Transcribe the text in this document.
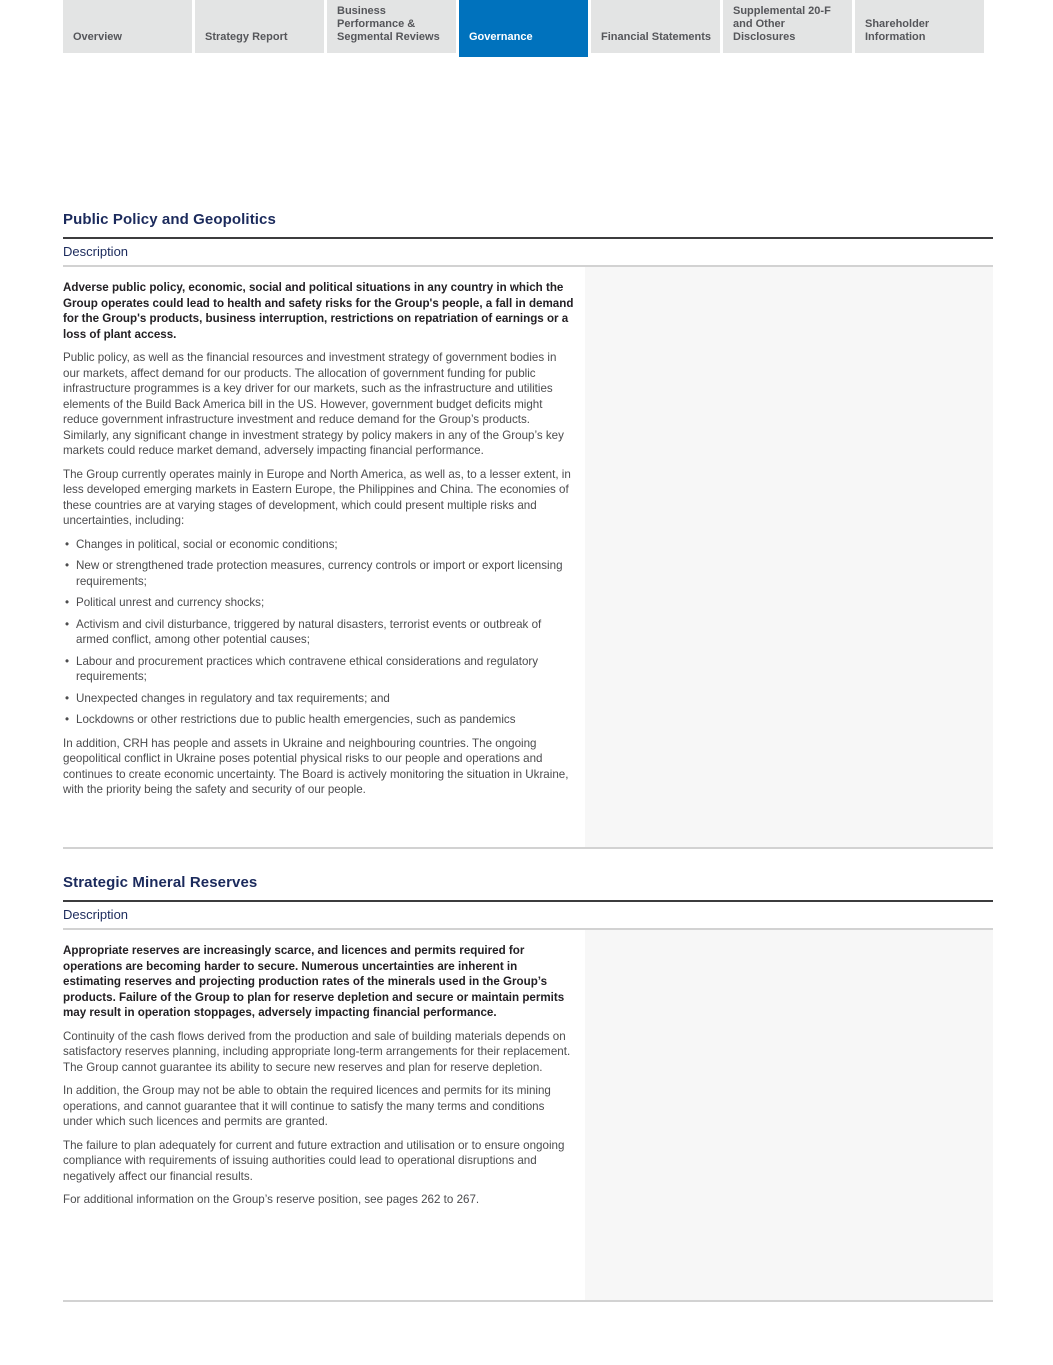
Overview	Strategy Report
Business Performance & Segmental Reviews	Governance	Financial Statements
Supplemental 20-F and Other Disclosures
Shareholder Information
Public Policy and Geopolitics
Description

Adverse public policy, economic, social and political situations in any country in which the Group operates could lead to health and safety risks for the Group's people, a fall in demand for the Group's products, business interruption, restrictions on repatriation of earnings or a loss of plant access.

Public policy, as well as the financial resources and investment strategy of government bodies in our markets, affect demand for our products. The allocation of government funding for public infrastructure programmes is a key driver for our markets, such as the infrastructure and utilities elements of the Build Back America bill in the US. However, government budget deficits might reduce government infrastructure investment and reduce demand for the Group’s products. Similarly, any significant change in investment strategy by policy makers in any of the Group’s key markets could reduce market demand, adversely impacting financial performance.

The Group currently operates mainly in Europe and North America, as well as, to a lesser extent, in less developed emerging markets in Eastern Europe, the Philippines and China. The economies of these countries are at varying stages of development, which could present multiple risks and uncertainties, including:

• Changes in political, social or economic conditions;
• New or strengthened trade protection measures, currency controls or import or export licensing requirements;
• Political unrest and currency shocks;
• Activism and civil disturbance, triggered by natural disasters, terrorist events or outbreak of armed conflict, among other potential causes;
• Labour and procurement practices which contravene ethical considerations and regulatory requirements;
• Unexpected changes in regulatory and tax requirements; and
• Lockdowns or other restrictions due to public health emergencies, such as pandemics

In addition, CRH has people and assets in Ukraine and neighbouring countries. The ongoing geopolitical conflict in Ukraine poses potential physical risks to our people and operations and continues to create economic uncertainty. The Board is actively monitoring the situation in Ukraine, with the priority being the safety and security of our people.

Strategic Mineral Reserves
Description

Appropriate reserves are increasingly scarce, and licences and permits required for operations are becoming harder to secure. Numerous uncertainties are inherent in estimating reserves and projecting production rates of the minerals used in the Group’s products. Failure of the Group to plan for reserve depletion and secure or maintain permits may result in operation stoppages, adversely impacting financial performance.

Continuity of the cash flows derived from the production and sale of building materials depends on satisfactory reserves planning, including appropriate long-term arrangements for their replacement. The Group cannot guarantee its ability to secure new reserves and plan for reserve depletion.

In addition, the Group may not be able to obtain the required licences and permits for its mining operations, and cannot guarantee that it will continue to satisfy the many terms and conditions under which such licences and permits are granted.

The failure to plan adequately for current and future extraction and utilisation or to ensure ongoing compliance with requirements of issuing authorities could lead to operational disruptions and negatively affect our financial results.

For additional information on the Group’s reserve position, see pages 262 to 267.
